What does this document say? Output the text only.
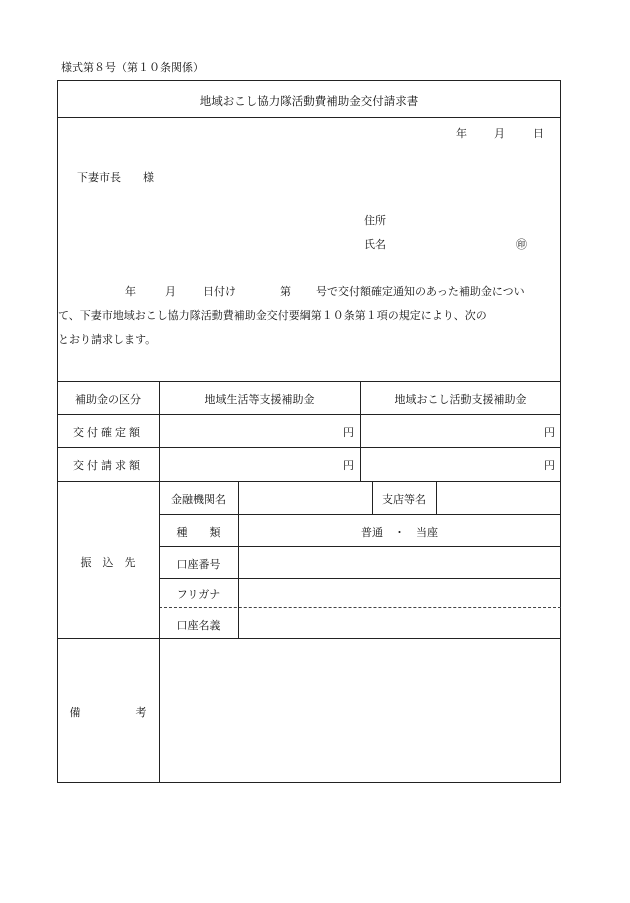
様式第８号（第１０条関係）
地域おこし協力隊活動費補助金交付請求書
年 月	日
下妻市長　　様
住所
氏名	㊞
年	月 日付け	第 号で交付額確定通知のあった補助金につい
て、下妻市地域おこし協力隊活動費補助金交付要綱第１０条第１項の規定により、次の
とおり請求します。
補助金の区分	地域生活等支援補助金	地域おこし活動支援補助金
交付確定額	円	円
交付請求額	円	円
振　込　先
金融機関名	支店等名
種　　類	普通　・　当座
口座番号
フリガナ
口座名義
備　　　　　考
